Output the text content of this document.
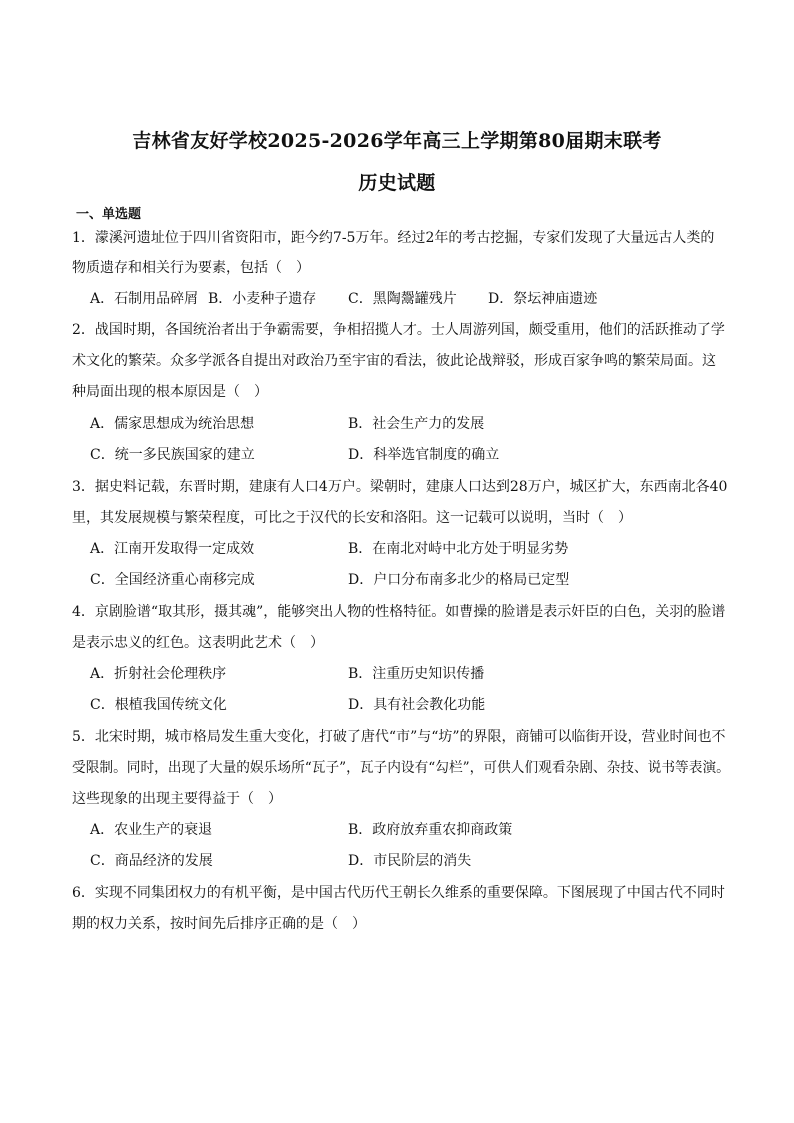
吉林省友好学校2025-2026学年高三上学期第80届期末联考
历史试题
一、单选题
1．濛溪河遗址位于四川省资阳市，距今约7-5万年。经过2年的考古挖掘，专家们发现了大量远古人类的
物质遗存和相关行为要素，包括（　）
A．石制用品碎屑 B．小麦种子遗存 C．黑陶鬶罐残片 D．祭坛神庙遗迹
2．战国时期，各国统治者出于争霸需要，争相招揽人才。士人周游列国，颇受重用，他们的活跃推动了学
术文化的繁荣。众多学派各自提出对政治乃至宇宙的看法，彼此论战辩驳，形成百家争鸣的繁荣局面。这
种局面出现的根本原因是（　）
A．儒家思想成为统治思想	B．社会生产力的发展
C．统一多民族国家的建立	D．科举选官制度的确立
3．据史料记载，东晋时期，建康有人口4万户。梁朝时，建康人口达到28万户，城区扩大，东西南北各40
里，其发展规模与繁荣程度，可比之于汉代的长安和洛阳。这一记载可以说明，当时（　）
A．江南开发取得一定成效	B．在南北对峙中北方处于明显劣势
C．全国经济重心南移完成	D．户口分布南多北少的格局已定型
4．京剧脸谱“取其形，摄其魂”，能够突出人物的性格特征。如曹操的脸谱是表示奸臣的白色，关羽的脸谱
是表示忠义的红色。这表明此艺术（　）
A．折射社会伦理秩序	B．注重历史知识传播
C．根植我国传统文化	D．具有社会教化功能
5．北宋时期，城市格局发生重大变化，打破了唐代“市”与“坊”的界限，商铺可以临街开设，营业时间也不
受限制。同时，出现了大量的娱乐场所“瓦子”，瓦子内设有“勾栏”，可供人们观看杂剧、杂技、说书等表演。
这些现象的出现主要得益于（　）
A．农业生产的衰退	B．政府放弃重农抑商政策
C．商品经济的发展	D．市民阶层的消失
6．实现不同集团权力的有机平衡，是中国古代历代王朝长久维系的重要保障。下图展现了中国古代不同时
期的权力关系，按时间先后排序正确的是（　）
